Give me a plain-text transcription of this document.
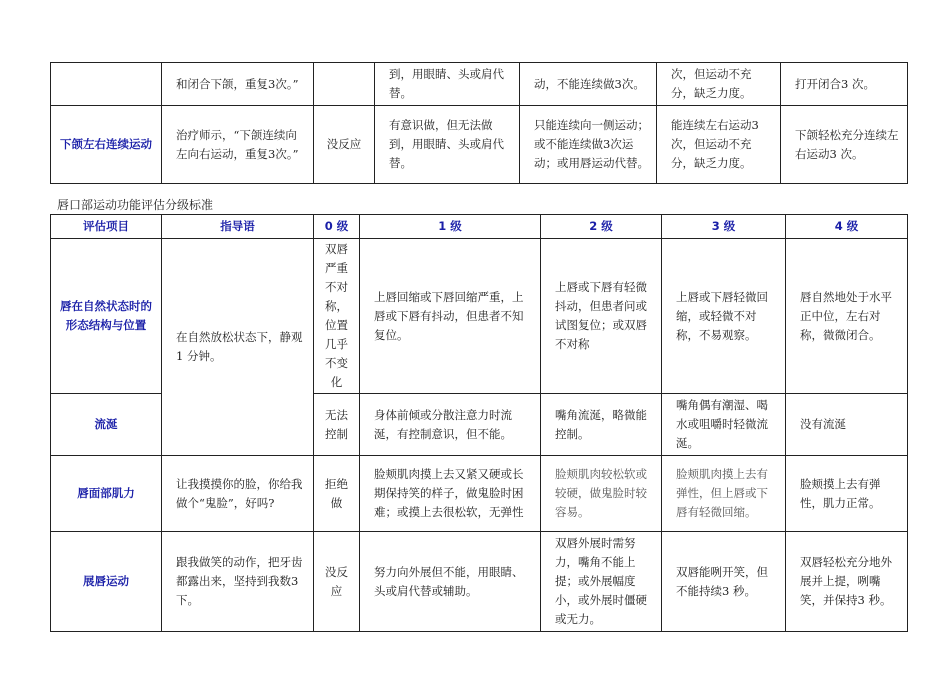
	和闭合下颌，重复3次。”		到，用眼睛、头或肩代替。	动，不能连续做3次。	次，但运动不充分，缺乏力度。	打开闭合3 次。
下颌左右连续运动	治疗师示，“下颌连续向左向右运动，重复3次。”	没反应	有意识做，但无法做到，用眼睛、头或肩代替。	只能连续向一侧运动；或不能连续做3次运动；或用唇运动代替。	能连续左右运动3次，但运动不充分，缺乏力度。	下颌轻松充分连续左右运动3 次。
唇口部运动功能评估分级标准
评估项目	指导语	0 级	1 级	2 级	3 级	4 级
唇在自然状态时的形态结构与位置	在自然放松状态下，静观1 分钟。	双唇严重不对称，位置几乎不变化	上唇回缩或下唇回缩严重，上唇或下唇有抖动，但患者不知复位。	上唇或下唇有轻微抖动，但患者问或试图复位；或双唇不对称	上唇或下唇轻微回缩，或轻微不对称，不易观察。	唇自然地处于水平正中位，左右对称，微微闭合。
流涎		无法控制	身体前倾或分散注意力时流涎，有控制意识，但不能。	嘴角流涎，略微能控制。	嘴角偶有潮湿、喝水或咀嚼时轻微流涎。	没有流涎
唇面部肌力	让我摸摸你的脸，你给我做个“鬼脸”，好吗?	拒绝做	脸颊肌肉摸上去又紧又硬或长期保持笑的样子，做鬼脸时困难；或摸上去很松软，无弹性	脸颊肌肉较松软或较硬，做鬼脸时较容易。	脸颊肌肉摸上去有弹性，但上唇或下唇有轻微回缩。	脸颊摸上去有弹性，肌力正常。
展唇运动	跟我做笑的动作，把牙齿都露出来，坚持到我数3 下。	没反应	努力向外展但不能，用眼睛、头或肩代替或辅助。	双唇外展时需努力，嘴角不能上提；或外展幅度小，或外展时僵硬或无力。	双唇能咧开笑，但不能持续3 秒。	双唇轻松充分地外展并上提，咧嘴笑，并保持3 秒。
